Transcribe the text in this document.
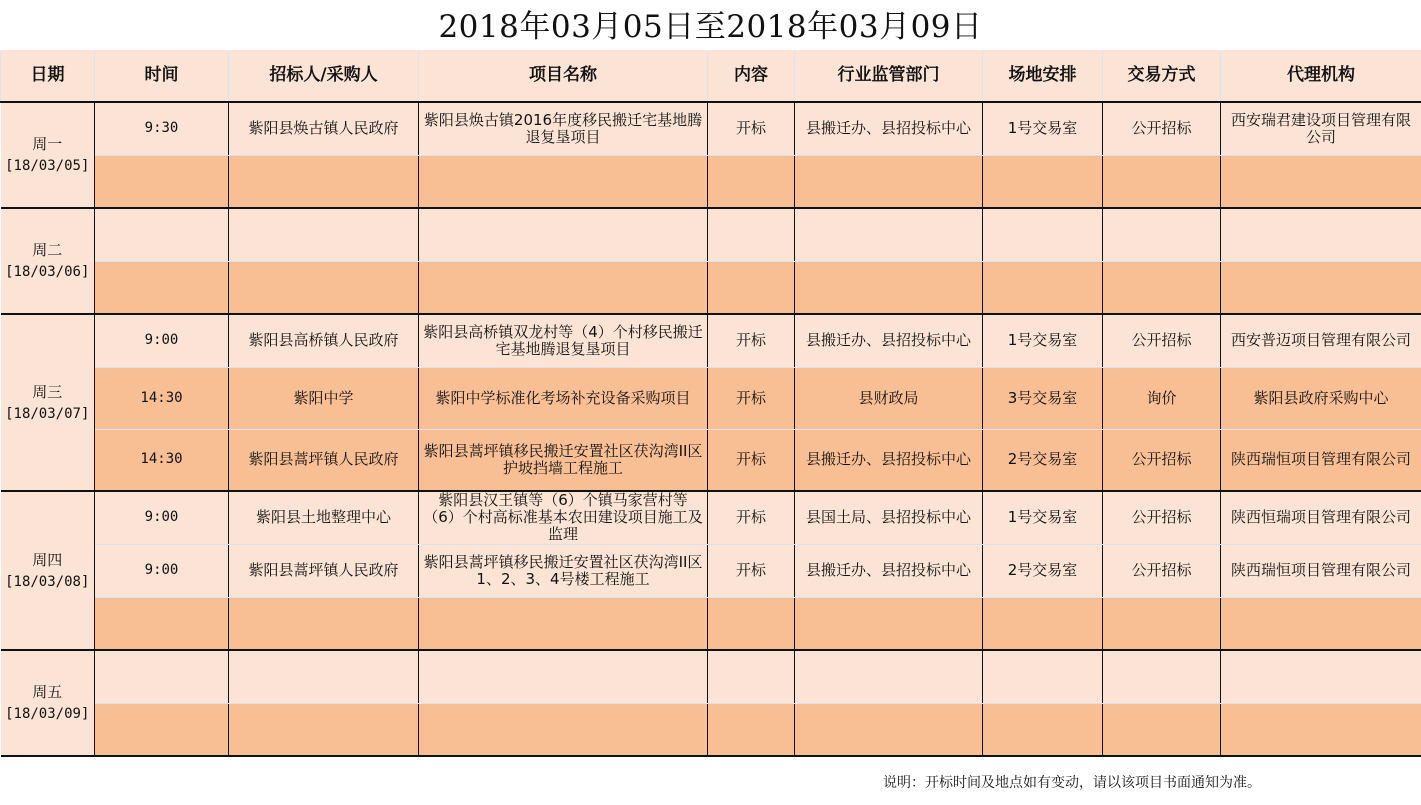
2018年03月05日至2018年03月09日
日期	时间	招标人/采购人	项目名称	内容	行业监管部门	场地安排	交易方式	代理机构

周一
[18/03/05]	9:30	紫阳县焕古镇人民政府	紫阳县焕古镇2016年度移民搬迁宅基地腾退复垦项目	开标	县搬迁办、县招投标中心	1号交易室	公开招标	西安瑞君建设项目管理有限公司

周二
[18/03/06]								

周三
[18/03/07]	9:00	紫阳县高桥镇人民政府	紫阳县高桥镇双龙村等（4）个村移民搬迁宅基地腾退复垦项目	开标	县搬迁办、县招投标中心	1号交易室	公开招标	西安普迈项目管理有限公司
	14:30	紫阳中学	紫阳中学标准化考场补充设备采购项目	开标	县财政局	3号交易室	询价	紫阳县政府采购中心
	14:30	紫阳县蒿坪镇人民政府	紫阳县蒿坪镇移民搬迁安置社区茯沟湾II区护坡挡墙工程施工	开标	县搬迁办、县招投标中心	2号交易室	公开招标	陕西瑞恒项目管理有限公司

周四
[18/03/08]	9:00	紫阳县土地整理中心	紫阳县汉王镇等（6）个镇马家营村等（6）个村高标准基本农田建设项目施工及监理	开标	县国土局、县招投标中心	1号交易室	公开招标	陕西恒瑞项目管理有限公司
	9:00	紫阳县蒿坪镇人民政府	紫阳县蒿坪镇移民搬迁安置社区茯沟湾II区1、2、3、4号楼工程施工	开标	县搬迁办、县招投标中心	2号交易室	公开招标	陕西瑞恒项目管理有限公司

周五
[18/03/09]								

说明：开标时间及地点如有变动，请以该项目书面通知为准。
